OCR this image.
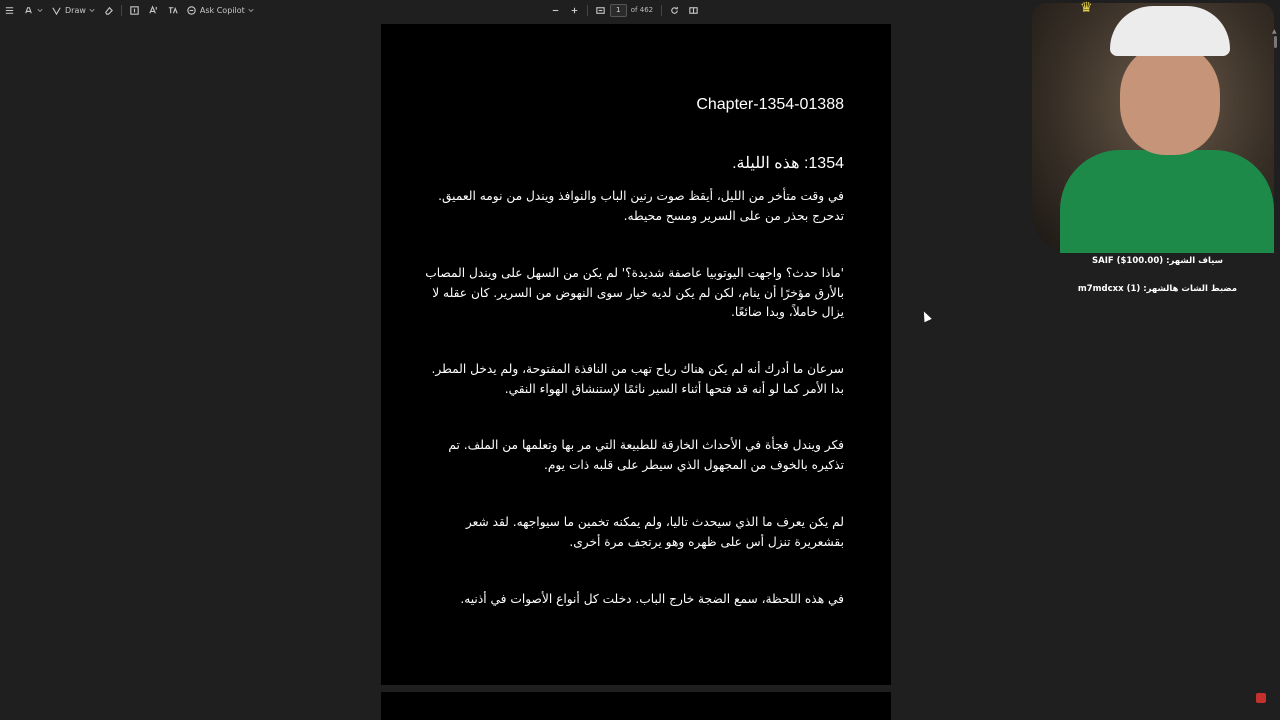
Draw	Ask Copilot
1	of 462
Chapter-1354-01388
1354: هذه الليلة.
في وقت متأخر من الليل، أيقظ صوت رنين الباب والنوافذ ويندل من نومه العميق. تدحرج بحذر من على السرير ومسح محيطه.
'ماذا حدث؟ واجهت اليوتوبيا عاصفة شديدة؟' لم يكن من السهل على ويندل المصاب بالأرق مؤخرًا أن ينام، لكن لم يكن لديه خيار سوى النهوض من السرير. كان عقله لا يزال خاملاً، وبدا ضائعًا.
سرعان ما أدرك أنه لم يكن هناك رياح تهب من النافذة المفتوحة، ولم يدخل المطر. بدا الأمر كما لو أنه قد فتحها أثناء السير نائمًا لإستنشاق الهواء النقي.
فكر ويندل فجأة في الأحداث الخارقة للطبيعة التي مر بها وتعلمها من الملف. تم تذكيره بالخوف من المجهول الذي سيطر على قلبه ذات يوم.
لم يكن يعرف ما الذي سيحدث تاليا، ولم يمكنه تخمين ما سيواجهه. لقد شعر بقشعريرة تنزل أس على ظهره وهو يرتجف مرة أخرى.
في هذه اللحظة، سمع الضجة خارج الباب. دخلت كل أنواع الأصوات في أذنيه.
♛
SAIF ($100.00) :سياف الشهر
m7mdcxx (1) :مضبط الشات هالشهر
▲
